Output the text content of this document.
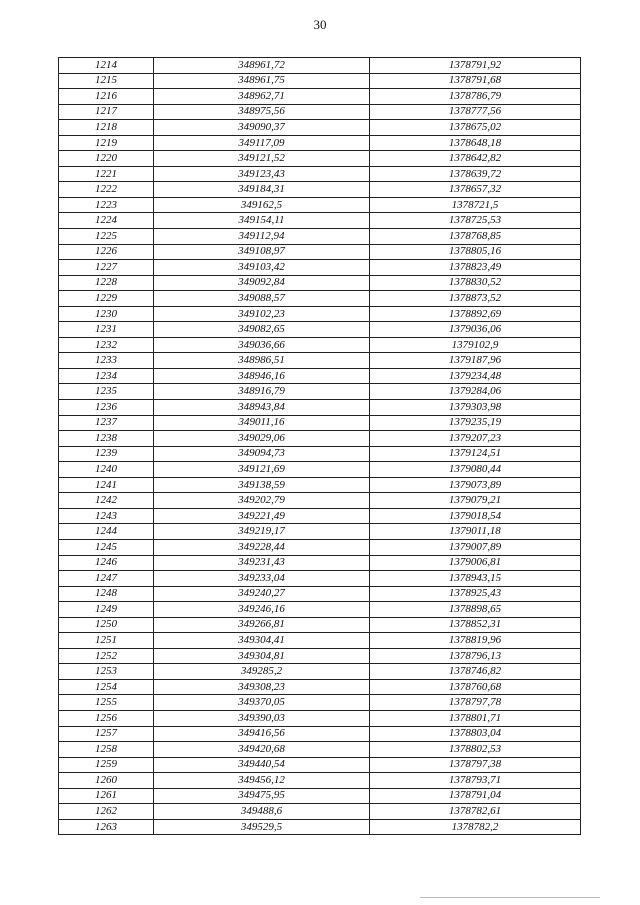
30
1214	348961,72	1378791,92
1215	348961,75	1378791,68
1216	348962,71	1378786,79
1217	348975,56	1378777,56
1218	349090,37	1378675,02
1219	349117,09	1378648,18
1220	349121,52	1378642,82
1221	349123,43	1378639,72
1222	349184,31	1378657,32
1223	349162,5	1378721,5
1224	349154,11	1378725,53
1225	349112,94	1378768,85
1226	349108,97	1378805,16
1227	349103,42	1378823,49
1228	349092,84	1378830,52
1229	349088,57	1378873,52
1230	349102,23	1378892,69
1231	349082,65	1379036,06
1232	349036,66	1379102,9
1233	348986,51	1379187,96
1234	348946,16	1379234,48
1235	348916,79	1379284,06
1236	348943,84	1379303,98
1237	349011,16	1379235,19
1238	349029,06	1379207,23
1239	349094,73	1379124,51
1240	349121,69	1379080,44
1241	349138,59	1379073,89
1242	349202,79	1379079,21
1243	349221,49	1379018,54
1244	349219,17	1379011,18
1245	349228,44	1379007,89
1246	349231,43	1379006,81
1247	349233,04	1378943,15
1248	349240,27	1378925,43
1249	349246,16	1378898,65
1250	349266,81	1378852,31
1251	349304,41	1378819,96
1252	349304,81	1378796,13
1253	349285,2	1378746,82
1254	349308,23	1378760,68
1255	349370,05	1378797,78
1256	349390,03	1378801,71
1257	349416,56	1378803,04
1258	349420,68	1378802,53
1259	349440,54	1378797,38
1260	349456,12	1378793,71
1261	349475,95	1378791,04
1262	349488,6	1378782,61
1263	349529,5	1378782,2
